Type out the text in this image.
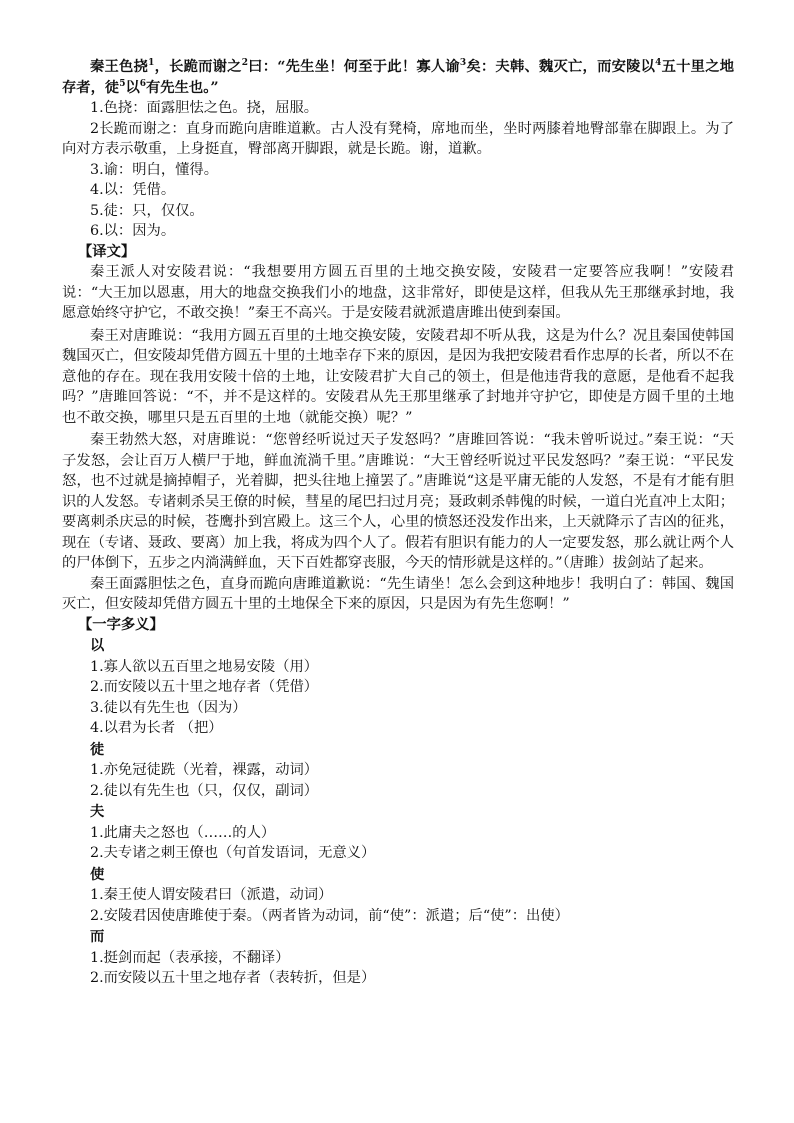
秦王色挠$^1$，长跪而谢之$^2$曰：“先生坐！何至于此！寡人谕$^3$矣：夫韩、魏灭亡，而安陵以$^4$五十里之地存者，徒$^5$以$^6$有先生也。”

1.色挠：面露胆怯之色。挠，屈服。

2长跪而谢之：直身而跪向唐睢道歉。古人没有凳椅，席地而坐，坐时两膝着地臀部靠在脚跟上。为了向对方表示敬重，上身挺直，臀部离开脚跟，就是长跪。谢，道歉。

3.谕：明白，懂得。

4.以：凭借。

5.徒：只，仅仅。

6.以：因为。

【译文】

秦王派人对安陵君说：“我想要用方圆五百里的土地交换安陵，安陵君一定要答应我啊！”安陵君说：“大王加以恩惠，用大的地盘交换我们小的地盘，这非常好，即使是这样，但我从先王那继承封地，我愿意始终守护它，不敢交换！”秦王不高兴。于是安陵君就派遣唐雎出使到秦国。

秦王对唐雎说：“我用方圆五百里的土地交换安陵，安陵君却不听从我，这是为什么？况且秦国使韩国魏国灭亡，但安陵却凭借方圆五十里的土地幸存下来的原因，是因为我把安陵君看作忠厚的长者，所以不在意他的存在。现在我用安陵十倍的土地，让安陵君扩大自己的领土，但是他违背我的意愿，是他看不起我吗？”唐雎回答说：“不，并不是这样的。安陵君从先王那里继承了封地并守护它，即使是方圆千里的土地也不敢交换，哪里只是五百里的土地（就能交换）呢？”

秦王勃然大怒，对唐雎说：“您曾经听说过天子发怒吗？”唐雎回答说：“我未曾听说过。”秦王说：“天子发怒，会让百万人横尸于地，鲜血流淌千里。”唐雎说：“大王曾经听说过平民发怒吗？”秦王说：“平民发怒，也不过就是摘掉帽子，光着脚，把头往地上撞罢了。”唐雎说“这是平庸无能的人发怒，不是有才能有胆识的人发怒。专诸刺杀吴王僚的时候，彗星的尾巴扫过月亮；聂政刺杀韩傀的时候，一道白光直冲上太阳；要离刺杀庆忌的时候，苍鹰扑到宫殿上。这三个人，心里的愤怒还没发作出来，上天就降示了吉凶的征兆，现在（专诸、聂政、要离）加上我，将成为四个人了。假若有胆识有能力的人一定要发怒，那么就让两个人的尸体倒下，五步之内淌满鲜血，天下百姓都穿丧服，今天的情形就是这样的。”（唐雎）拔剑站了起来。

秦王面露胆怯之色，直身而跪向唐雎道歉说：“先生请坐！怎么会到这种地步！我明白了：韩国、魏国灭亡，但安陵却凭借方圆五十里的土地保全下来的原因，只是因为有先生您啊！”

【一字多义】

以

1.寡人欲以五百里之地易安陵（用）

2.而安陵以五十里之地存者（凭借）

3.徒以有先生也（因为）

4.以君为长者 （把）

徒

1.亦免冠徒跣（光着，裸露，动词）

2.徒以有先生也（只，仅仅，副词）

夫

1.此庸夫之怒也（……的人）

2.夫专诸之刺王僚也（句首发语词，无意义）

使

1.秦王使人谓安陵君曰（派遣，动词）

2.安陵君因使唐雎使于秦。（两者皆为动词，前“使”：派遣；后“使”：出使）

而

1.挺剑而起（表承接，不翻译）

2.而安陵以五十里之地存者（表转折，但是）
